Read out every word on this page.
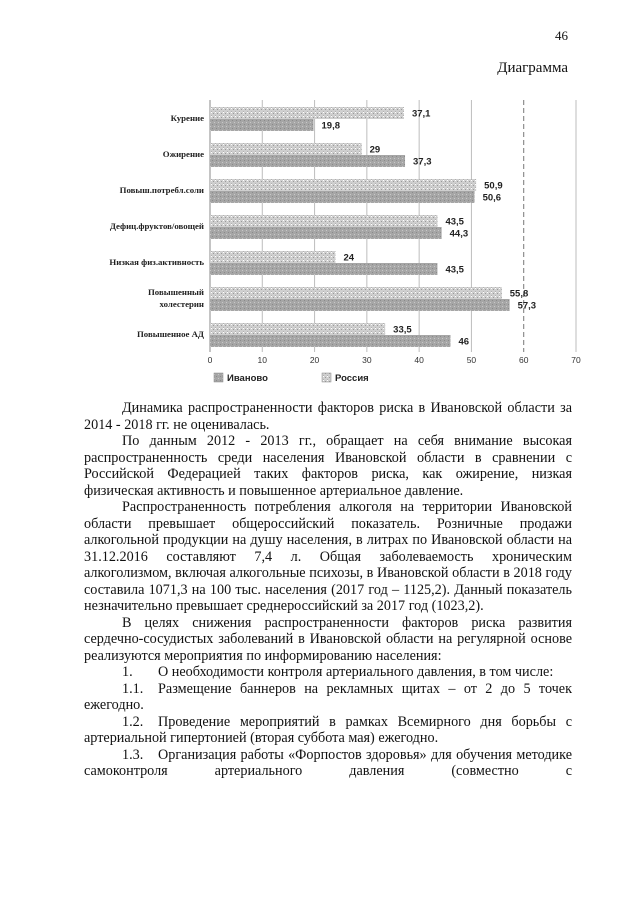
46
Диаграмма
37,1
19,8
29
37,3
50,9
50,6
43,5
44,3
24
43,5
55,8
57,3
33,5
46
Курение
Ожирение
Повыш.потребл.соли
Дефиц.фруктов/овощей
Низкая физ.активность
Повышенный
холестерин
Повышенное АД
0	10	20	30	40	50	60	70
Иваново	Россия

Динамика распространенности факторов риска в Ивановской области за 2014 - 2018 гг. не оценивалась.

По данным 2012 - 2013 гг., обращает на себя внимание высокая распространенность среди населения Ивановской области в сравнении с Российской Федерацией таких факторов риска, как ожирение, низкая физическая активность и повышенное артериальное давление.

Распространенность потребления алкоголя на территории Ивановской области превышает общероссийский показатель. Розничные продажи алкогольной продукции на душу населения, в литрах по Ивановской области на 31.12.2016 составляют 7,4 л. Общая заболеваемость хроническим алкоголизмом, включая алкогольные психозы, в Ивановской области в 2018 году составила 1071,3 на 100 тыс. населения (2017 год – 1125,2). Данный показатель незначительно превышает среднероссийский за 2017 год (1023,2).

В целях снижения распространенности факторов риска развития сердечно-сосудистых заболеваний в Ивановской области на регулярной основе реализуются мероприятия по информированию населения:

1. О необходимости контроля артериального давления, в том числе:

1.1. Размещение баннеров на рекламных щитах – от 2 до 5 точек ежегодно.

1.2. Проведение мероприятий в рамках Всемирного дня борьбы с артериальной гипертонией (вторая суббота мая) ежегодно.

1.3. Организация работы «Форпостов здоровья» для обучения методике самоконтроля артериального давления (совместно с
